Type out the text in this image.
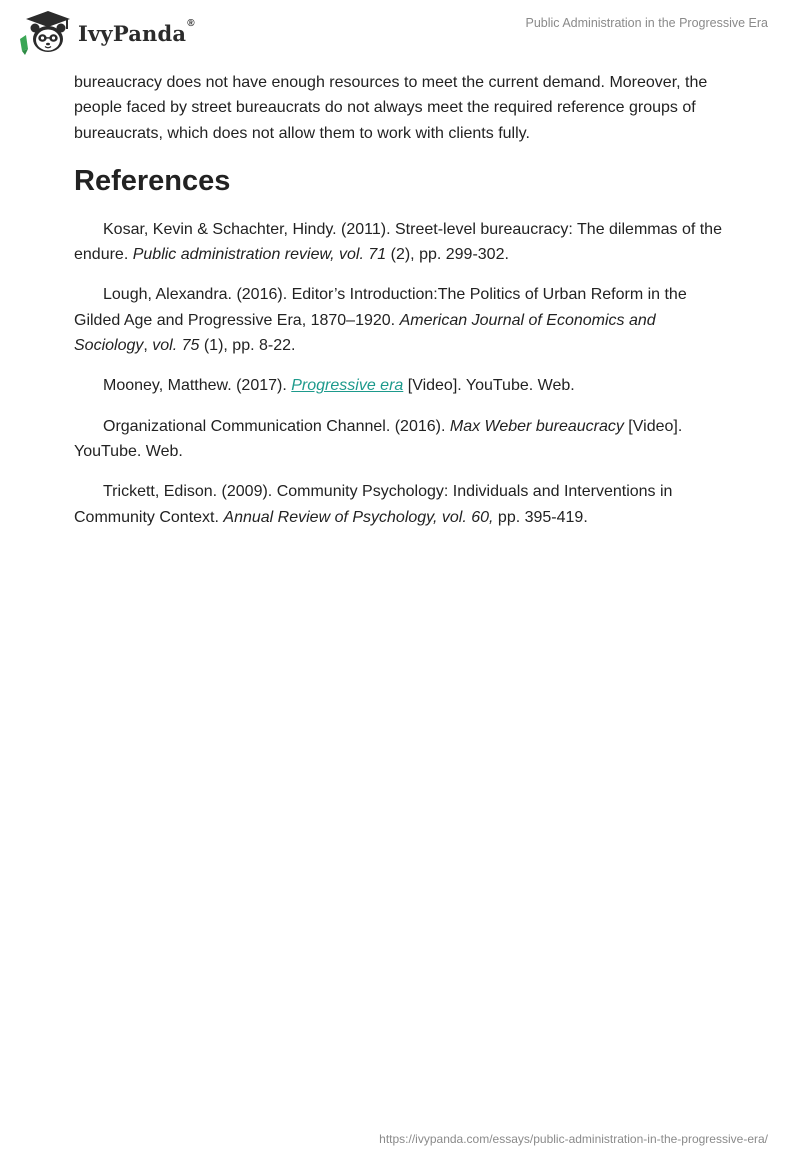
IvyPanda ®	Public Administration in the Progressive Era

bureaucracy does not have enough resources to meet the current demand. Moreover, the people faced by street bureaucrats do not always meet the required reference groups of bureaucrats, which does not allow them to work with clients fully.

References

Kosar, Kevin & Schachter, Hindy. (2011). Street-level bureaucracy: The dilemmas of the endure. Public administration review, vol. 71 (2), pp. 299-302.

Lough, Alexandra. (2016). Editor’s Introduction:The Politics of Urban Reform in the Gilded Age and Progressive Era, 1870–1920. American Journal of Economics and Sociology, vol. 75 (1), pp. 8-22.

Mooney, Matthew. (2017). Progressive era [Video]. YouTube. Web.

Organizational Communication Channel. (2016). Max Weber bureaucracy [Video]. YouTube. Web.

Trickett, Edison. (2009). Community Psychology: Individuals and Interventions in Community Context. Annual Review of Psychology, vol. 60, pp. 395-419.

https://ivypanda.com/essays/public-administration-in-the-progressive-era/
